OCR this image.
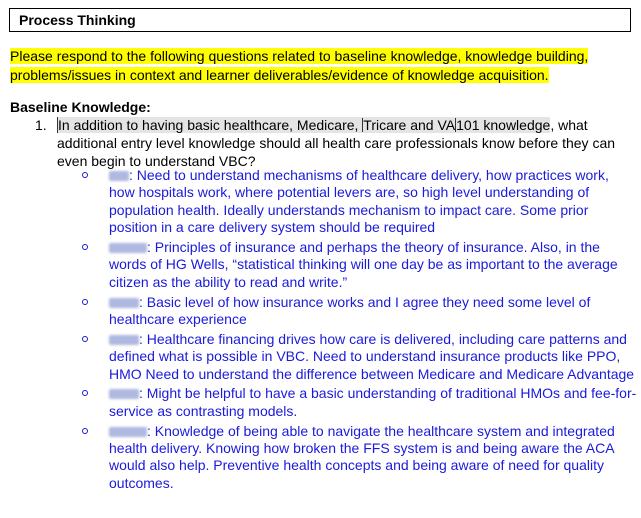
Process Thinking
Please respond to the following questions related to baseline knowledge, knowledge building, problems/issues in context and learner deliverables/evidence of knowledge acquisition.
Baseline Knowledge:
1. In addition to having basic healthcare, Medicare, Tricare and VA101 knowledge, what additional entry level knowledge should all health care professionals know before they can even begin to understand VBC?
: Need to understand mechanisms of healthcare delivery, how practices work, how hospitals work, where potential levers are, so high level understanding of population health. Ideally understands mechanism to impact care. Some prior position in a care delivery system should be required
: Principles of insurance and perhaps the theory of insurance. Also, in the words of HG Wells, “statistical thinking will one day be as important to the average citizen as the ability to read and write.”
: Basic level of how insurance works and I agree they need some level of healthcare experience
: Healthcare financing drives how care is delivered, including care patterns and defined what is possible in VBC. Need to understand insurance products like PPO, HMO Need to understand the difference between Medicare and Medicare Advantage
: Might be helpful to have a basic understanding of traditional HMOs and fee-for-service as contrasting models.
: Knowledge of being able to navigate the healthcare system and integrated health delivery. Knowing how broken the FFS system is and being aware the ACA would also help. Preventive health concepts and being aware of need for quality outcomes.
